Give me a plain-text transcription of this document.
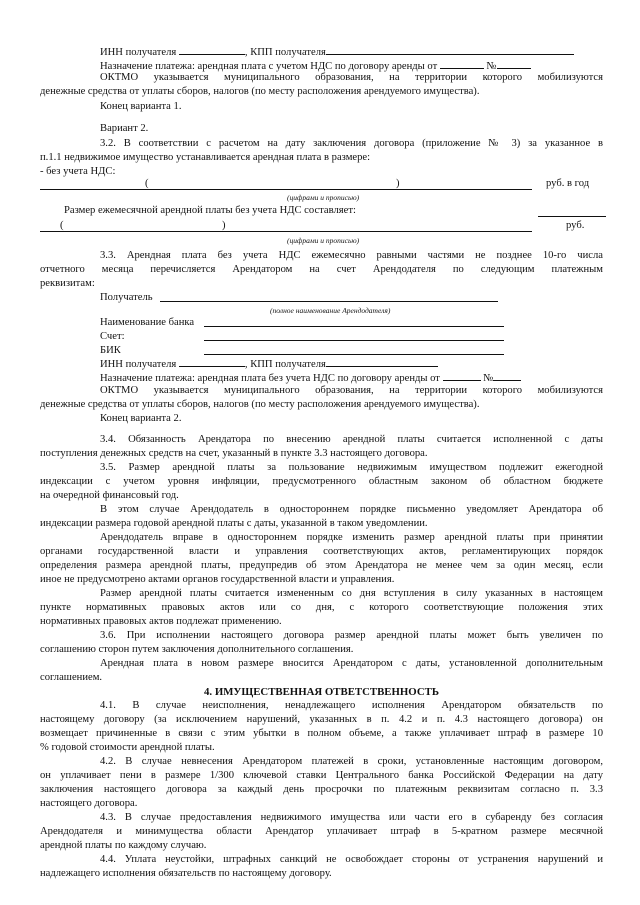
ИНН получателя	, КПП получателя
Назначение платежа: арендная плата с учетом НДС по договору аренды от	№
ОКТМО указывается муниципального образования, на территории которого мобилизуются
денежные средства от уплаты сборов, налогов (по месту расположения арендуемого имущества).
Конец варианта 1.
Вариант 2.
3.2. В соответствии с расчетом на дату заключения договора (приложение № 3) за указанное в
п.1.1 недвижимое имущество устанавливается арендная плата в размере:
- без учета НДС:
(	)	руб. в год
(цифрами и прописью)
Размер ежемесячной арендной платы без учета НДС составляет:
(	)	руб.
(цифрами и прописью)
3.3. Арендная плата без учета НДС ежемесячно равными частями не позднее 10-го числа
отчетного месяца перечисляется Арендатором на счет Арендодателя по следующим платежным
реквизитам:
Получатель
(полное наименование Арендодателя)
Наименование банка
Счет:
БИК
ИНН получателя	, КПП получателя
Назначение платежа: арендная плата без учета НДС по договору аренды от	№
ОКТМО указывается муниципального образования, на территории которого мобилизуются
денежные средства от уплаты сборов, налогов (по месту расположения арендуемого имущества).
Конец варианта 2.
3.4. Обязанность Арендатора по внесению арендной платы считается исполненной с даты
поступления денежных средств на счет, указанный в пункте 3.3 настоящего договора.
3.5. Размер арендной платы за пользование недвижимым имуществом подлежит ежегодной
индексации с учетом уровня инфляции, предусмотренного областным законом об областном бюджете
на очередной финансовый год.
В этом случае Арендодатель в одностороннем порядке письменно уведомляет Арендатора об
индексации размера годовой арендной платы с даты, указанной в таком уведомлении.
Арендодатель вправе в одностороннем порядке изменить размер арендной платы при принятии
органами государственной власти и управления соответствующих актов, регламентирующих порядок
определения размера арендной платы, предупредив об этом Арендатора не менее чем за один месяц, если
иное не предусмотрено актами органов государственной власти и управления.
Размер арендной платы считается измененным со дня вступления в силу указанных в настоящем
пункте нормативных правовых актов или со дня, с которого соответствующие положения этих
нормативных правовых актов подлежат применению.
3.6. При исполнении настоящего договора размер арендной платы может быть увеличен по
соглашению сторон путем заключения дополнительного соглашения.
Арендная плата в новом размере вносится Арендатором с даты, установленной дополнительным
соглашением.
4. ИМУЩЕСТВЕННАЯ ОТВЕТСТВЕННОСТЬ
4.1. В случае неисполнения, ненадлежащего исполнения Арендатором обязательств по
настоящему договору (за исключением нарушений, указанных в п. 4.2 и п. 4.3 настоящего договора) он
возмещает причиненные в связи с этим убытки в полном объеме, а также уплачивает штраф в размере 10
% годовой стоимости арендной платы.
4.2. В случае невнесения Арендатором платежей в сроки, установленные настоящим договором,
он уплачивает пени в размере 1/300 ключевой ставки Центрального банка Российской Федерации на дату
заключения настоящего договора за каждый день просрочки по платежным реквизитам согласно п. 3.3
настоящего договора.
4.3. В случае предоставления недвижимого имущества или части его в субаренду без согласия
Арендодателя и минимущества области Арендатор уплачивает штраф в 5-кратном размере месячной
арендной платы по каждому случаю.
4.4. Уплата неустойки, штрафных санкций не освобождает стороны от устранения нарушений и
надлежащего исполнения обязательств по настоящему договору.
